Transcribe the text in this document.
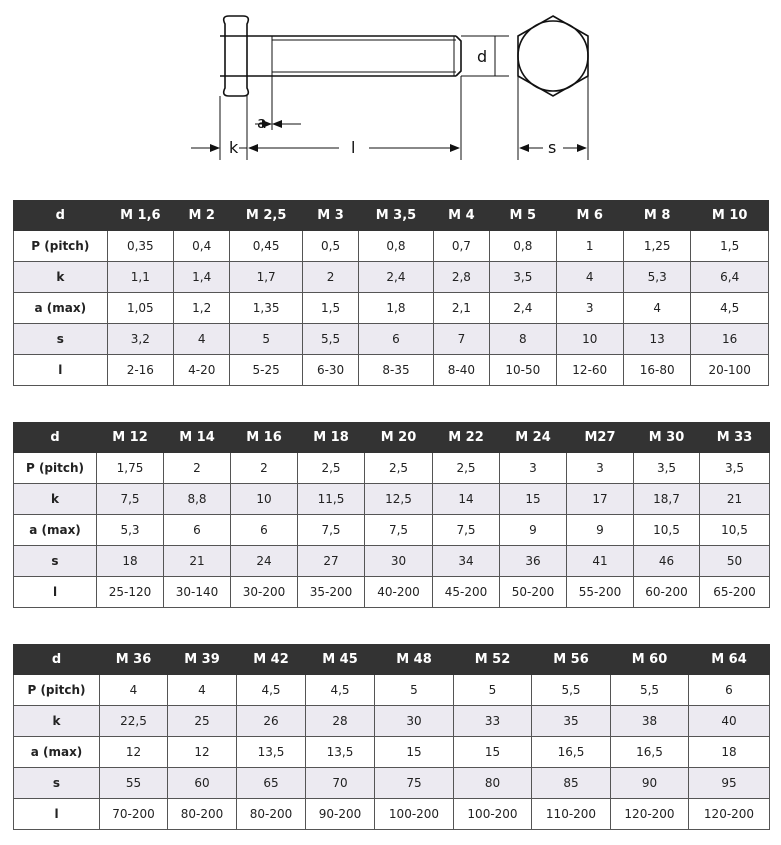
d
a
k	l	s
d	M 1,6	M 2	M 2,5	M 3	M 3,5	M 4	M 5	M 6	M 8	M 10
P (pitch)	0,35	0,4	0,45	0,5	0,8	0,7	0,8	1	1,25	1,5
k	1,1	1,4	1,7	2	2,4	2,8	3,5	4	5,3	6,4
a (max)	1,05	1,2	1,35	1,5	1,8	2,1	2,4	3	4	4,5
s	3,2	4	5	5,5	6	7	8	10	13	16
l	2-16	4-20	5-25	6-30	8-35	8-40	10-50	12-60	16-80	20-100
d	M 12	M 14	M 16	M 18	M 20	M 22	M 24	M27	M 30	M 33
P (pitch)	1,75	2	2	2,5	2,5	2,5	3	3	3,5	3,5
k	7,5	8,8	10	11,5	12,5	14	15	17	18,7	21
a (max)	5,3	6	6	7,5	7,5	7,5	9	9	10,5	10,5
s	18	21	24	27	30	34	36	41	46	50
l	25-120	30-140	30-200	35-200	40-200	45-200	50-200	55-200	60-200	65-200
d	M 36	M 39	M 42	M 45	M 48	M 52	M 56	M 60	M 64
P (pitch)	4	4	4,5	4,5	5	5	5,5	5,5	6
k	22,5	25	26	28	30	33	35	38	40
a (max)	12	12	13,5	13,5	15	15	16,5	16,5	18
s	55	60	65	70	75	80	85	90	95
l	70-200	80-200	80-200	90-200	100-200	100-200	110-200	120-200	120-200
